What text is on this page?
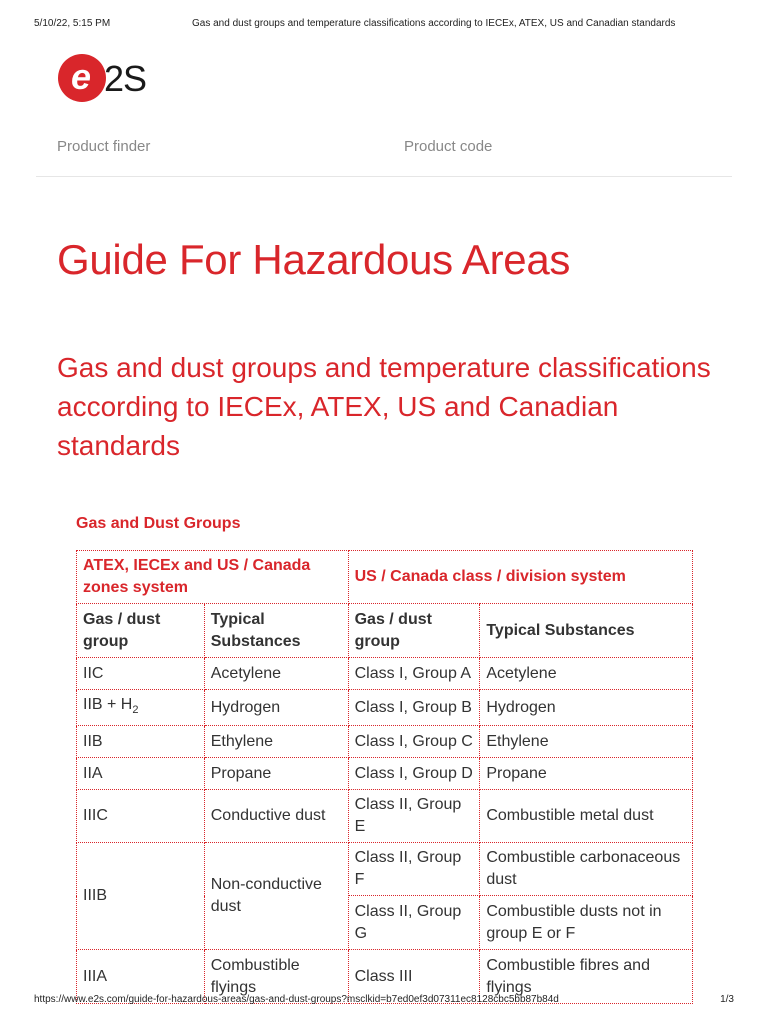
5/10/22, 5:15 PM	Gas and dust groups and temperature classifications according to IECEx, ATEX, US and Canadian standards
e 2S
Product finder	Product code
Guide For Hazardous Areas
Gas and dust groups and temperature classifications according to IECEx, ATEX, US and Canadian standards
Gas and Dust Groups
ATEX, IECEx and US / Canada zones system		US / Canada class / division system	
Gas / dust group	Typical Substances	Gas / dust group	Typical Substances
IIC	Acetylene	Class I, Group A	Acetylene
IIB + $H_2$	Hydrogen	Class I, Group B	Hydrogen
IIB	Ethylene	Class I, Group C	Ethylene
IIA	Propane	Class I, Group D	Propane
IIIC	Conductive dust	Class II, Group E	Combustible metal dust
IIIB	Non-conductive dust	Class II, Group F	Combustible carbonaceous dust
		Class II, Group G	Combustible dusts not in group E or F
IIIA	Combustible flyings	Class III	Combustible fibres and flyings
https://www.e2s.com/guide-for-hazardous-areas/gas-and-dust-groups?msclkid=b7ed0ef3d07311ec8128cbc5bb87b84d	1/3
